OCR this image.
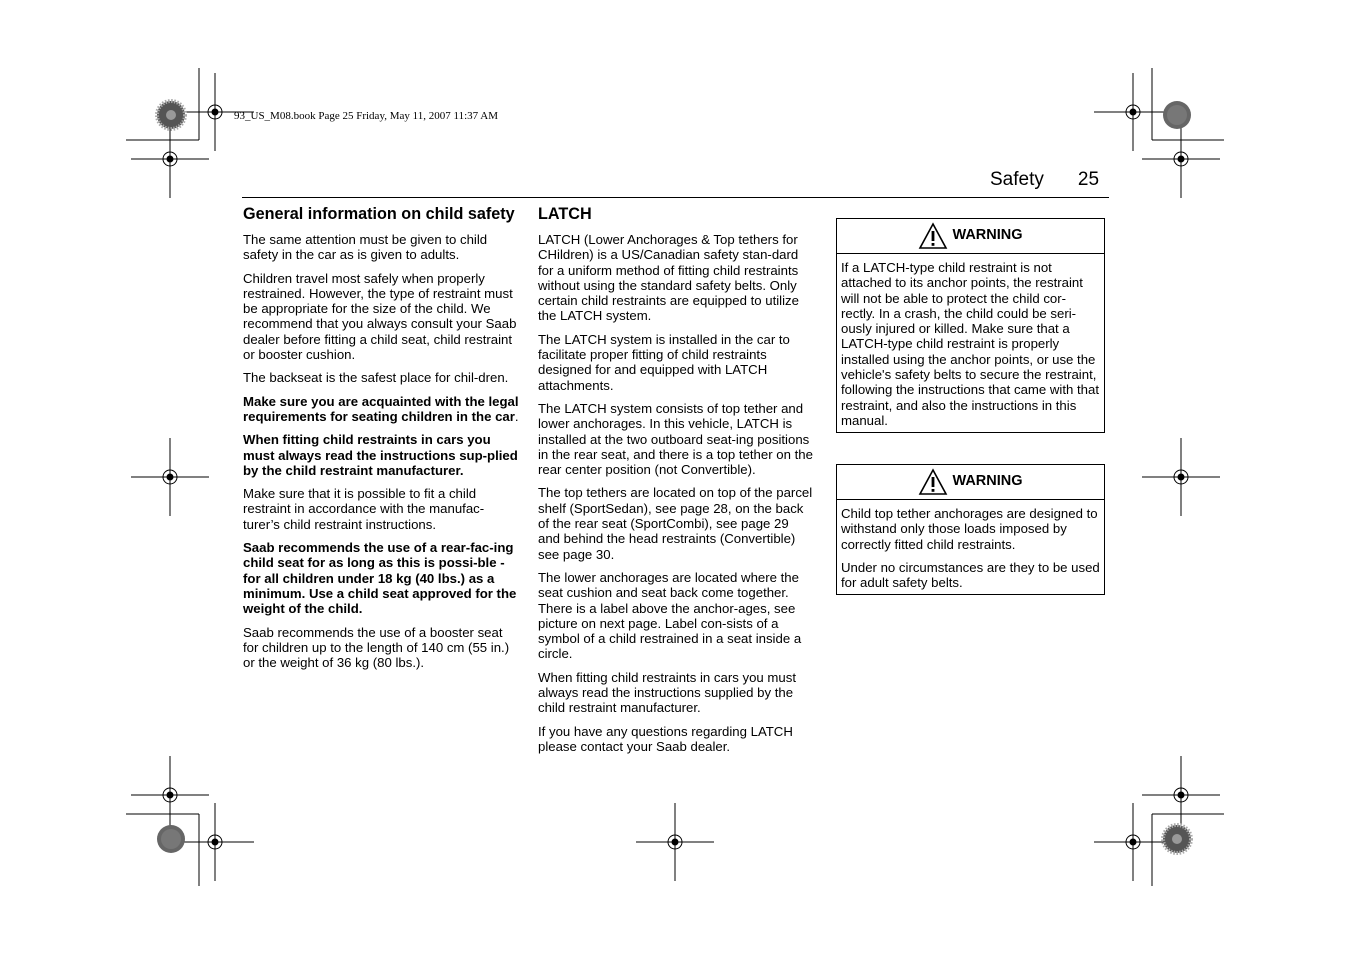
93_US_M08.book Page 25 Friday, May 11, 2007 11:37 AM
Safety 25
General information on child safety

The same attention must be given to child safety in the car as is given to adults.

Children travel most safely when properly restrained. However, the type of restraint must be appropriate for the size of the child. We recommend that you always consult your Saab dealer before fitting a child seat, child restraint or booster cushion.

The backseat is the safest place for chil-dren.

Make sure you are acquainted with the legal requirements for seating children in the car.

When fitting child restraints in cars you must always read the instructions sup-plied by the child restraint manufacturer.

Make sure that it is possible to fit a child restraint in accordance with the manufac-turer’s child restraint instructions.

Saab recommends the use of a rear-fac-ing child seat for as long as this is possi-ble - for all children under 18 kg (40 lbs.) as a minimum. Use a child seat approved for the weight of the child.

Saab recommends the use of a booster seat for children up to the length of 140 cm (55 in.) or the weight of 36 kg (80 lbs.).

LATCH

LATCH (Lower Anchorages & Top tethers for CHildren) is a US/Canadian safety stan-dard for a uniform method of fitting child restraints without using the standard safety belts. Only certain child restraints are equipped to utilize the LATCH system.

The LATCH system is installed in the car to facilitate proper fitting of child restraints designed for and equipped with LATCH attachments.

The LATCH system consists of top tether and lower anchorages. In this vehicle, LATCH is installed at the two outboard seat-ing positions in the rear seat, and there is a top tether on the rear center position (not Convertible).

The top tethers are located on top of the parcel shelf (SportSedan), see page 28, on the back of the rear seat (SportCombi), see page 29 and behind the head restraints (Convertible) see page 30.

The lower anchorages are located where the seat cushion and seat back come together. There is a label above the anchor-ages, see picture on next page. Label con-sists of a symbol of a child restrained in a seat inside a circle.

When fitting child restraints in cars you must always read the instructions supplied by the child restraint manufacturer.

If you have any questions regarding LATCH please contact your Saab dealer.

WARNING

If a LATCH-type child restraint is not attached to its anchor points, the restraint will not be able to protect the child cor-rectly. In a crash, the child could be seri-ously injured or killed. Make sure that a LATCH-type child restraint is properly installed using the anchor points, or use the vehicle's safety belts to secure the restraint, following the instructions that came with that restraint, and also the instructions in this manual.

WARNING

Child top tether anchorages are designed to withstand only those loads imposed by correctly fitted child restraints.

Under no circumstances are they to be used for adult safety belts.
